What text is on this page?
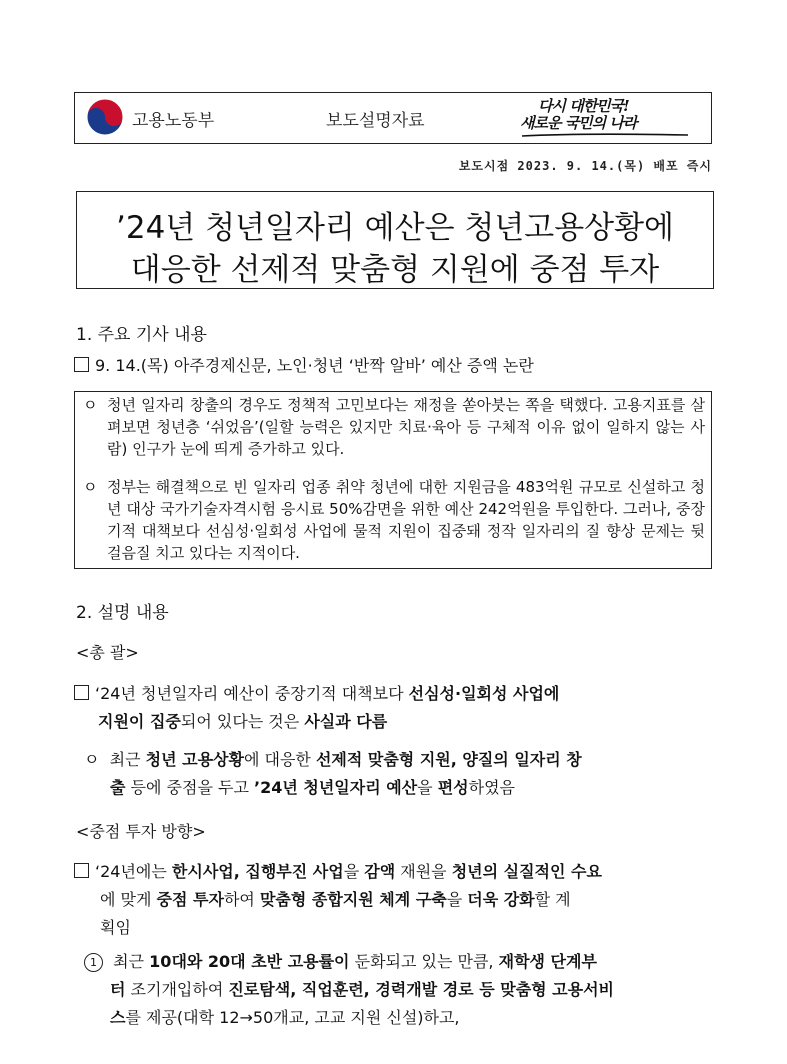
고용노동부	보도설명자료
다시 대한민국!
새로운 국민의 나라
보도시점 2023. 9. 14.(목) 배포 즉시
’24년 청년일자리 예산은 청년고용상황에
대응한 선제적 맞춤형 지원에 중점 투자
1. 주요 기사 내용
9. 14.(목) 아주경제신문, 노인·청년 ‘반짝 알바’ 예산 증액 논란
ㅇ 청년 일자리 창출의 경우도 정책적 고민보다는 재정을 쏟아붓는 쪽을 택했다. 고용지표를 살펴보면 청년층 ‘쉬었음’(일할 능력은 있지만 치료·육아 등 구체적 이유 없이 일하지 않는 사람) 인구가 눈에 띄게 증가하고 있다.
ㅇ 정부는 해결책으로 빈 일자리 업종 취약 청년에 대한 지원금을 483억원 규모로 신설하고 청년 대상 국가기술자격시험 응시료 50%감면을 위한 예산 242억원을 투입한다. 그러나, 중장기적 대책보다 선심성·일회성 사업에 물적 지원이 집중돼 정작 일자리의 질 향상 문제는 뒷걸음질 치고 있다는 지적이다.
2. 설명 내용
<총 괄>
‘24년 청년일자리 예산이 중장기적 대책보다 선심성·일회성 사업에
지원이 집중되어 있다는 것은 사실과 다름
ㅇ 최근 청년 고용상황에 대응한 선제적 맞춤형 지원, 양질의 일자리 창
출 등에 중점을 두고 ’24년 청년일자리 예산을 편성하였음
<중점 투자 방향>
‘24년에는 한시사업, 집행부진 사업을 감액 재원을 청년의 실질적인 수요
에 맞게 중점 투자하여 맞춤형 종합지원 체계 구축을 더욱 강화할 계
획임
1 최근 10대와 20대 초반 고용률이 둔화되고 있는 만큼, 재학생 단계부
터 조기개입하여 진로탐색, 직업훈련, 경력개발 경로 등 맞춤형 고용서비
스를 제공(대학 12→50개교, 고교 지원 신설)하고,
